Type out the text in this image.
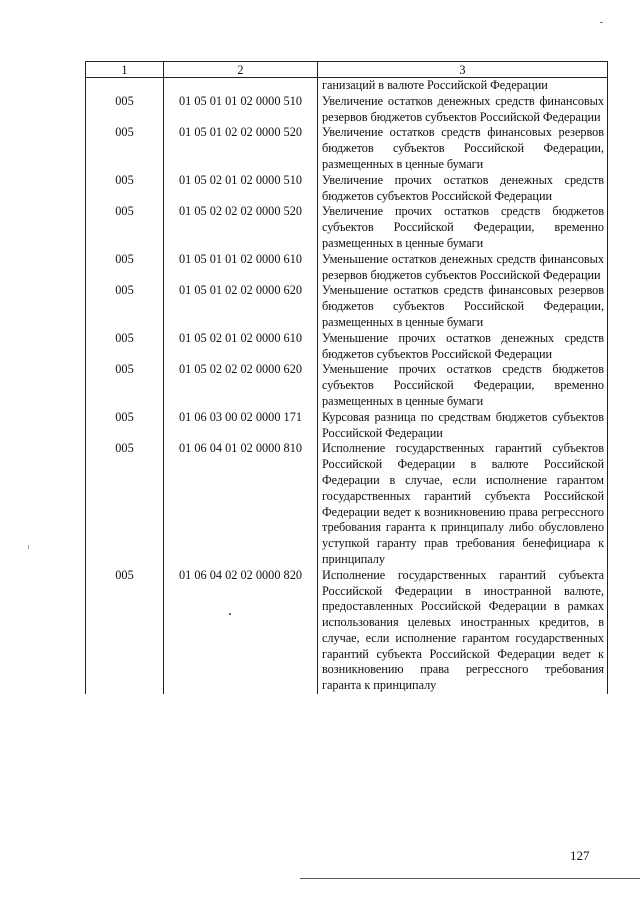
1	2	3
		ганизаций в валюте Российской Федерации
005	01 05 01 01 02 0000 510	Увеличение остатков денежных средств финансовых резервов бюджетов субъектов Российской Федерации
005	01 05 01 02 02 0000 520	Увеличение остатков средств финансовых резервов бюджетов субъектов Российской Федерации, размещенных в ценные бумаги
005	01 05 02 01 02 0000 510	Увеличение прочих остатков денежных средств бюджетов субъектов Российской Федерации
005	01 05 02 02 02 0000 520	Увеличение прочих остатков средств бюджетов субъектов Российской Федерации, временно размещенных в ценные бумаги
005	01 05 01 01 02 0000 610	Уменьшение остатков денежных средств финансовых резервов бюджетов субъектов Российской Федерации
005	01 05 01 02 02 0000 620	Уменьшение остатков средств финансовых резервов бюджетов субъектов Российской Федерации, размещенных в ценные бумаги
005	01 05 02 01 02 0000 610	Уменьшение прочих остатков денежных средств бюджетов субъектов Российской Федерации
005	01 05 02 02 02 0000 620	Уменьшение прочих остатков средств бюджетов субъектов Российской Федерации, временно размещенных в ценные бумаги
005	01 06 03 00 02 0000 171	Курсовая разница по средствам бюджетов субъектов Российской Федерации
005	01 06 04 01 02 0000 810	Исполнение государственных гарантий субъектов Российской Федерации в валюте Российской Федерации в случае, если исполнение гарантом государственных гарантий субъекта Российской Федерации ведет к возникновению права регрессного требования гаранта к принципалу либо обусловлено уступкой гаранту прав требования бенефициара к принципалу
005	01 06 04 02 02 0000 820	Исполнение государственных гарантий субъекта Российской Федерации в иностранной валюте, предоставленных Российской Федерации в рамках использования целевых иностранных кредитов, в случае, если исполнение гарантом государственных гарантий субъекта Российской Федерации ведет к возникновению права регрессного требования гаранта к принципалу
127
